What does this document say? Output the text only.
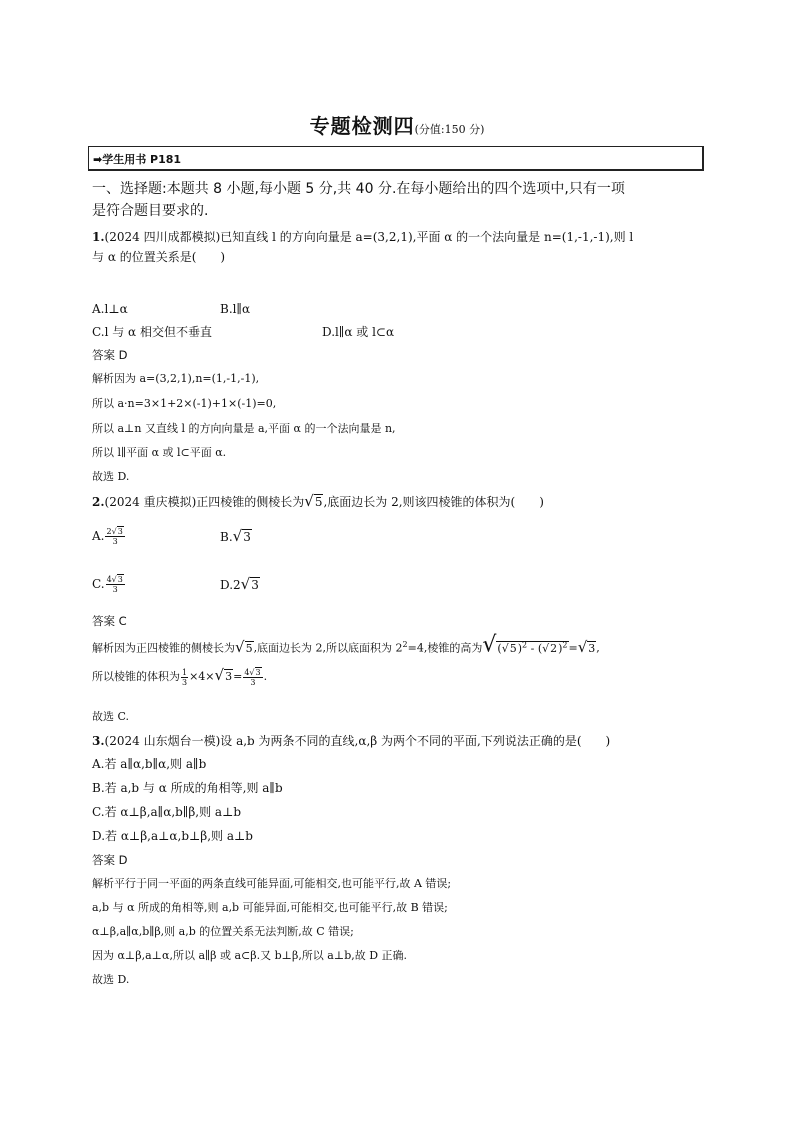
专题检测四(分值:150 分)
➡学生用书 P181
一、选择题:本题共 8 小题,每小题 5 分,共 40 分.在每小题给出的四个选项中,只有一项
是符合题目要求的.
1.(2024 四川成都模拟)已知直线 l 的方向向量是 a=(3,2,1),平面 α 的一个法向量是 n=(1,-1,-1),则 l
与 α 的位置关系是(　　)
A.l⊥α	B.l∥α
C.l 与 α 相交但不垂直	D.l∥α 或 l⊂α
答案 D
解析因为 a=(3,2,1),n=(1,-1,-1),
所以 a·n=3×1+2×(-1)+1×(-1)=0,
所以 a⊥n 又直线 l 的方向向量是 a,平面 α 的一个法向量是 n,
所以 l∥平面 α 或 l⊂平面 α.
故选 D.
2.(2024 重庆模拟)正四棱锥的侧棱长为√5,底面边长为 2,则该四棱锥的体积为(　　)
A. $\frac{2√3}{3}$	B.√3
C. $\frac{4√3}{3}$	D.2√3
答案 C
解析因为正四棱锥的侧棱长为√5,底面边长为 2,所以底面积为 $2^2=4$,棱锥的高为$√(√5)^2 - (√2)^2=√3$,
所以棱锥的体积为 $\frac{1}{3} \times 4\times√3= \frac{4√3}{3}$ .
故选 C.
3.(2024 山东烟台一模)设 a,b 为两条不同的直线,α,β 为两个不同的平面,下列说法正确的是(　　)
A.若 a∥α,b∥α,则 a∥b
B.若 a,b 与 α 所成的角相等,则 a∥b
C.若 α⊥β,a∥α,b∥β,则 a⊥b
D.若 α⊥β,a⊥α,b⊥β,则 a⊥b
答案 D
解析平行于同一平面的两条直线可能异面,可能相交,也可能平行,故 A 错误;
a,b 与 α 所成的角相等,则 a,b 可能异面,可能相交,也可能平行,故 B 错误;
α⊥β,a∥α,b∥β,则 a,b 的位置关系无法判断,故 C 错误;
因为 α⊥β,a⊥α,所以 a∥β 或 a⊂β.又 b⊥β,所以 a⊥b,故 D 正确.
故选 D.
